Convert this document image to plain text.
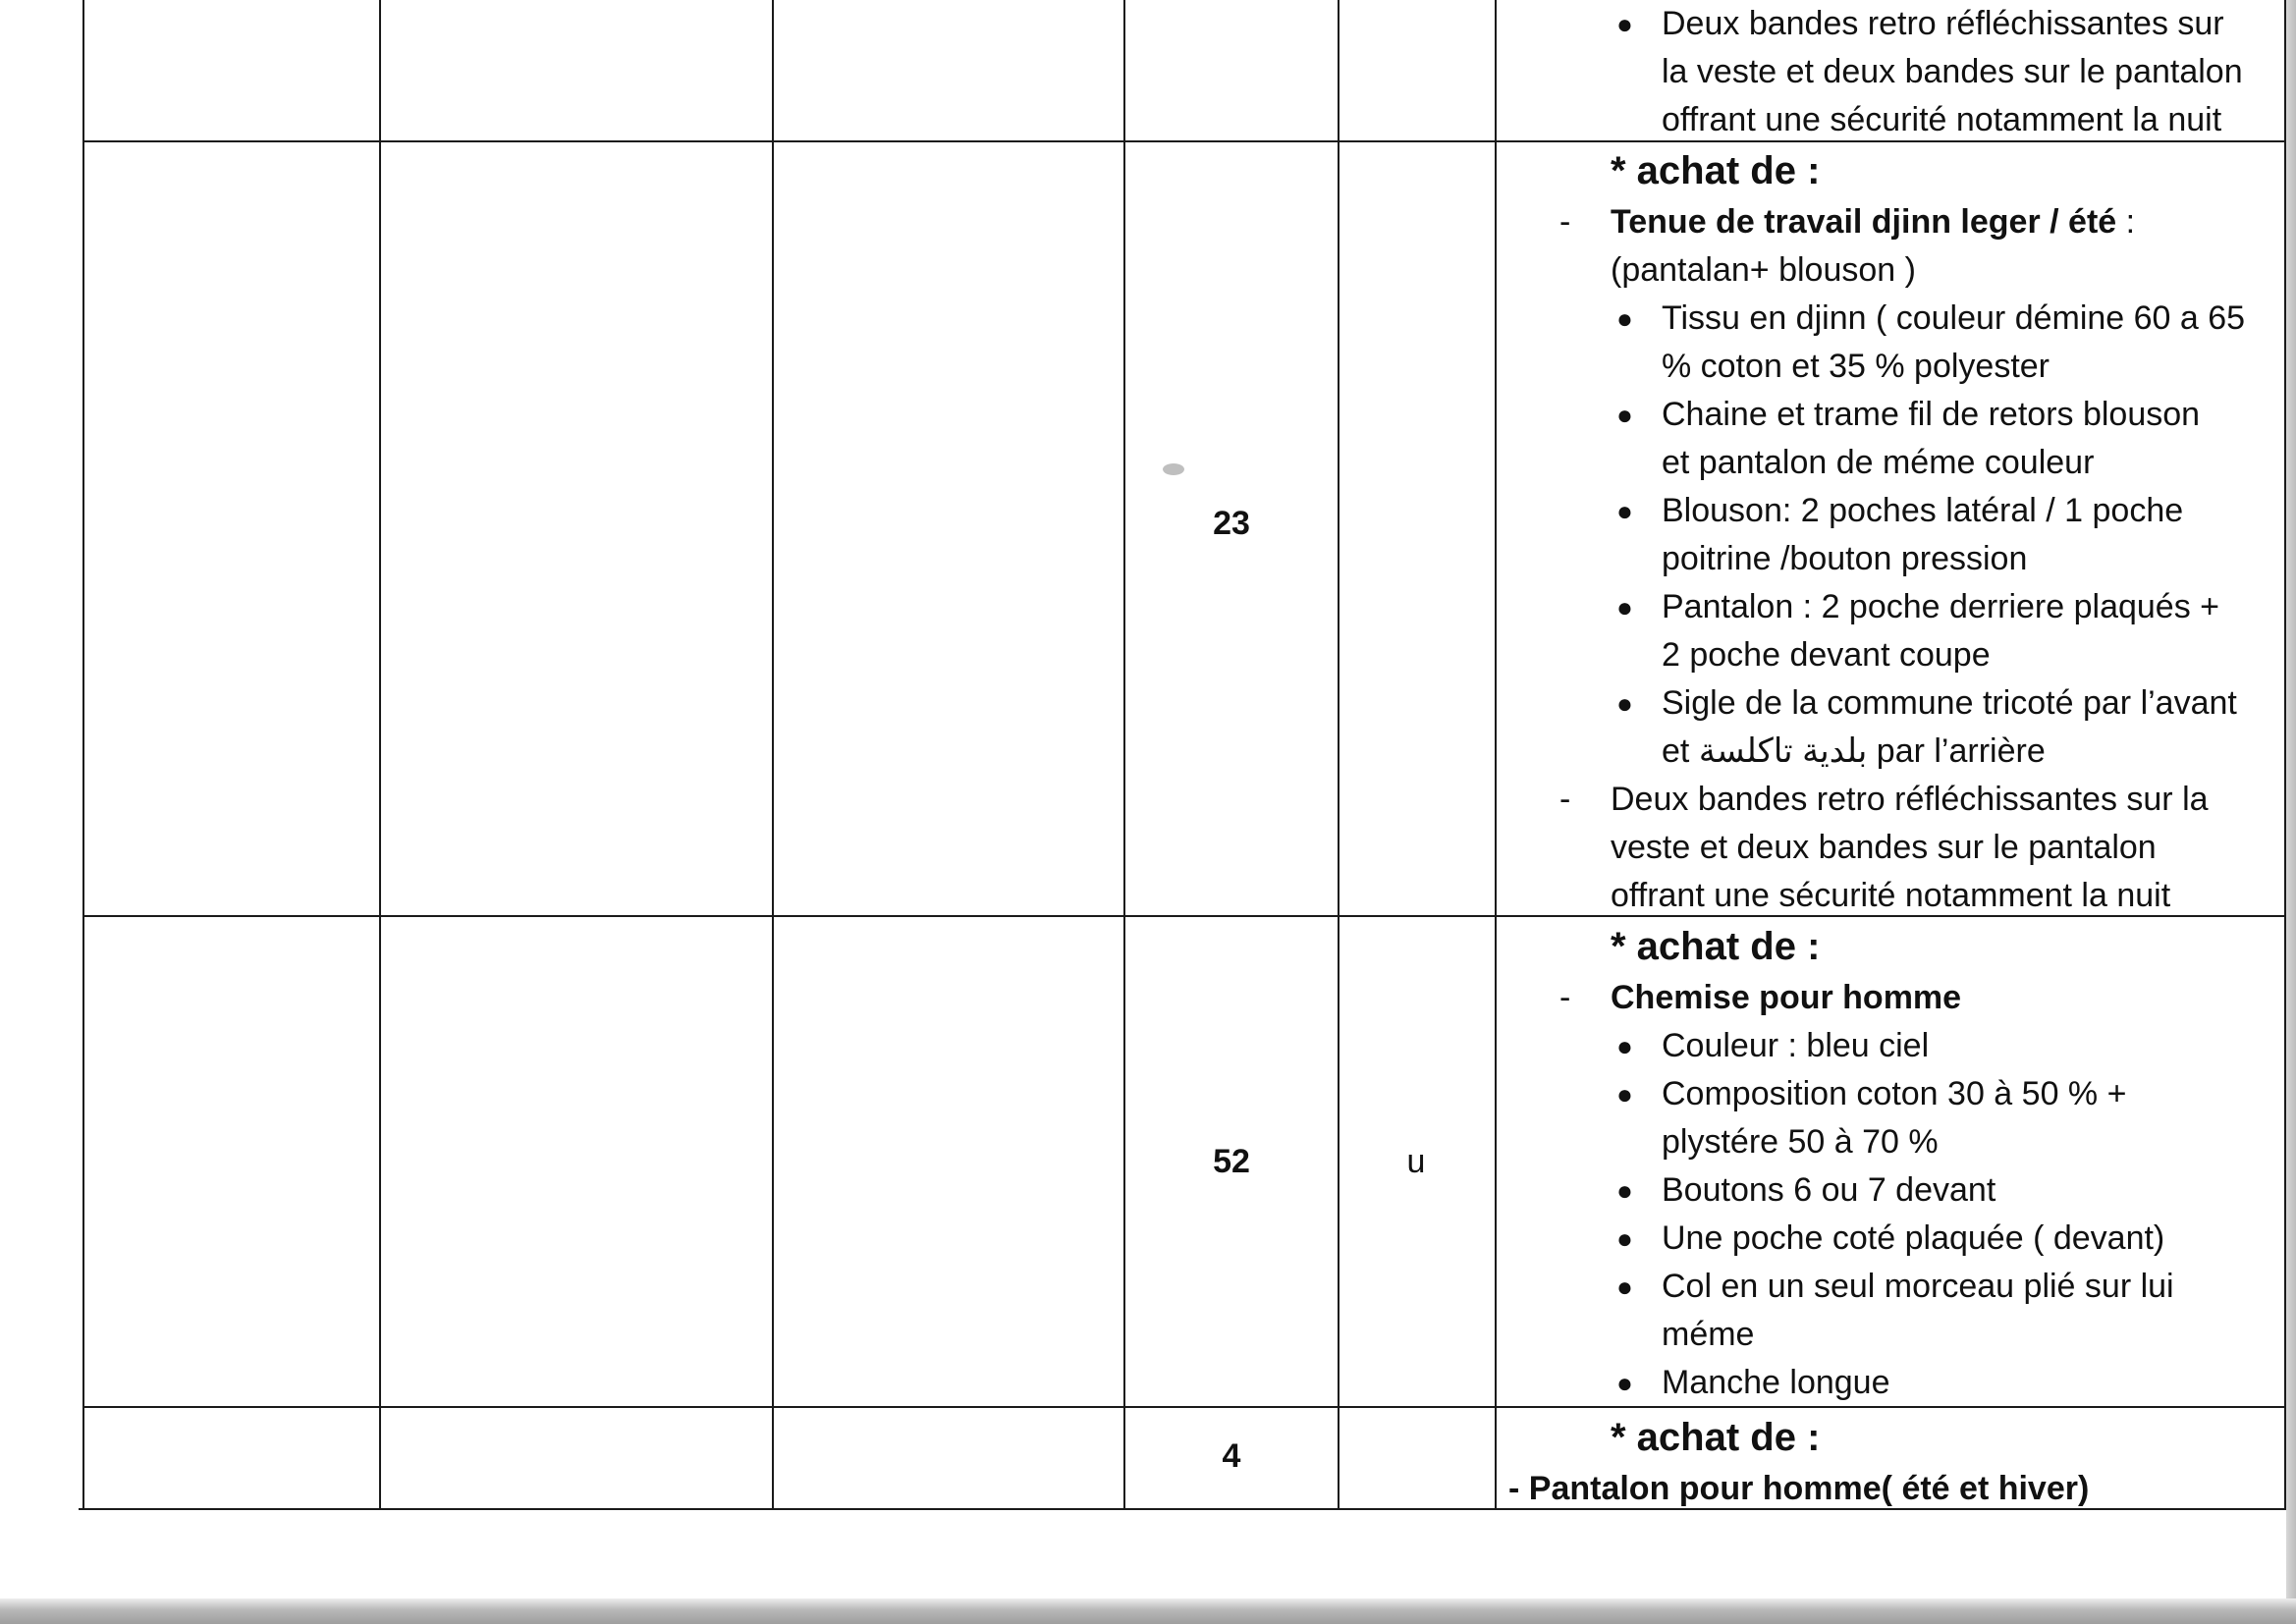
● Deux bandes retro réfléchissantes sur
la veste et deux bandes sur le pantalon
offrant une sécurité notamment la nuit
23
* achat de :
- Tenue de travail djinn leger / été :
(pantalan+ blouson )
● Tissu en djinn ( couleur démine 60 a 65
% coton et 35 % polyester
● Chaine et trame fil de retors blouson
et pantalon de méme couleur
● Blouson: 2 poches latéral / 1 poche
poitrine /bouton pression
● Pantalon : 2 poche derriere plaqués +
2 poche devant coupe
● Sigle de la commune tricoté par l’avant
et بلدية تاكلسة par l’arrière
- Deux bandes retro réfléchissantes sur la
veste et deux bandes sur le pantalon
offrant une sécurité notamment la nuit
52	u
* achat de :
- Chemise pour homme
● Couleur : bleu ciel
● Composition coton 30 à 50 % +
plystére 50 à 70 %
● Boutons 6 ou 7 devant
● Une poche coté plaquée ( devant)
● Col en un seul morceau plié sur lui
méme
● Manche longue
4	* achat de :
- Pantalon pour homme( été et hiver)
